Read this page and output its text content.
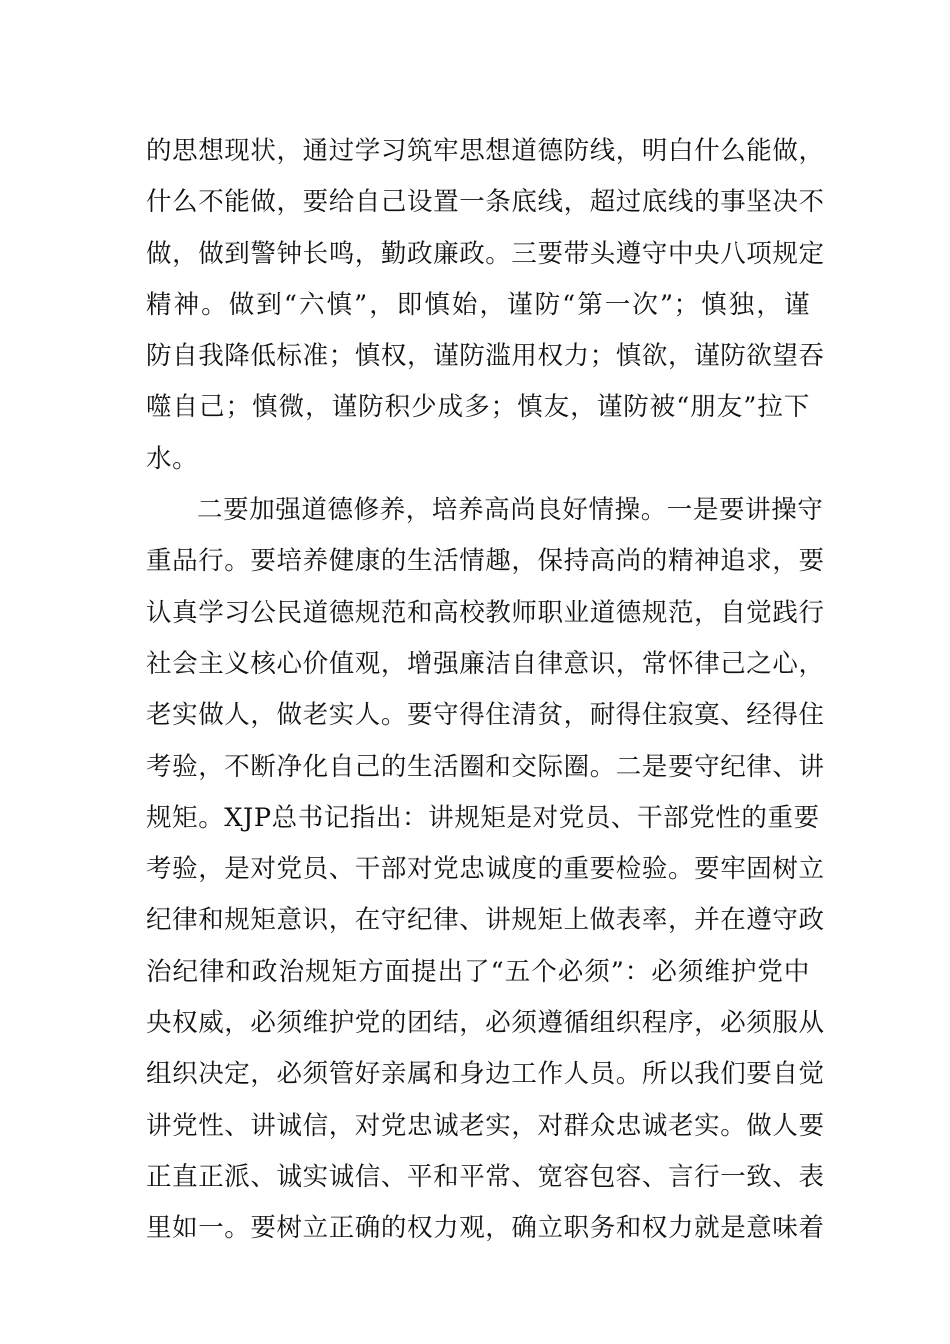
的思想现状，通过学习筑牢思想道德防线，明白什么能做，
什么不能做，要给自己设置一条底线，超过底线的事坚决不
做，做到警钟长鸣，勤政廉政。三要带头遵守中央八项规定
精神。做到“六慎”，即慎始，谨防“第一次”；慎独，谨
防自我降低标准；慎权，谨防滥用权力；慎欲，谨防欲望吞
噬自己；慎微，谨防积少成多；慎友，谨防被“朋友”拉下
水。
二要加强道德修养，培养高尚良好情操。一是要讲操守
重品行。要培养健康的生活情趣，保持高尚的精神追求，要
认真学习公民道德规范和高校教师职业道德规范，自觉践行
社会主义核心价值观，增强廉洁自律意识，常怀律己之心，
老实做人，做老实人。要守得住清贫，耐得住寂寞、经得住
考验，不断净化自己的生活圈和交际圈。二是要守纪律、讲
规矩。XJP总书记指出：讲规矩是对党员、干部党性的重要
考验，是对党员、干部对党忠诚度的重要检验。要牢固树立
纪律和规矩意识，在守纪律、讲规矩上做表率，并在遵守政
治纪律和政治规矩方面提出了“五个必须”：必须维护党中
央权威，必须维护党的团结，必须遵循组织程序，必须服从
组织决定，必须管好亲属和身边工作人员。所以我们要自觉
讲党性、讲诚信，对党忠诚老实，对群众忠诚老实。做人要
正直正派、诚实诚信、平和平常、宽容包容、言行一致、表
里如一。要树立正确的权力观，确立职务和权力就是意味着
